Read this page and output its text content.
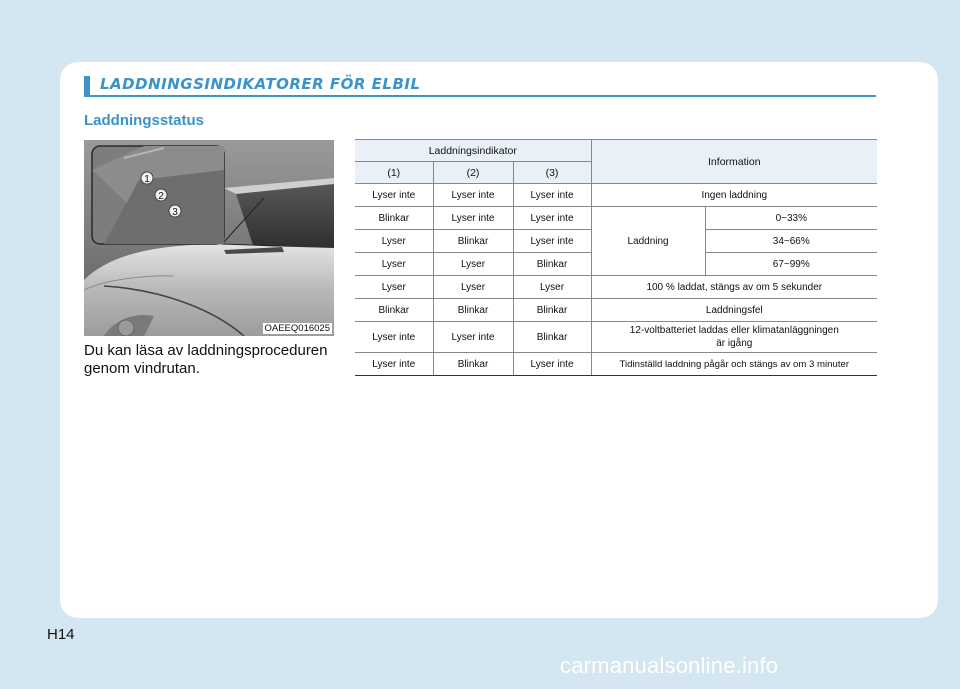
LADDNINGSINDIKATORER FÖR ELBIL
Laddningsstatus
1
2
3
OAEEQ016025

Du kan läsa av laddningsproceduren genom vindrutan.

Laddningsindikator			Information	
(1)	(2)	(3)		
Lyser inte	Lyser inte	Lyser inte	Ingen laddning	
Blinkar	Lyser inte	Lyser inte	Laddning	0~33%
Lyser	Blinkar	Lyser inte		34~66%
Lyser	Lyser	Blinkar		67~99%
Lyser	Lyser	Lyser	100 % laddat, stängs av om 5 sekunder	
Blinkar	Blinkar	Blinkar	Laddningsfel	
Lyser inte	Lyser inte	Blinkar	12-voltbatteriet laddas eller klimatanläggningen
är igång	
Lyser inte	Blinkar	Lyser inte	Tidinställd laddning pågår och stängs av om 3 minuter	
H14
carmanualsonline.info
